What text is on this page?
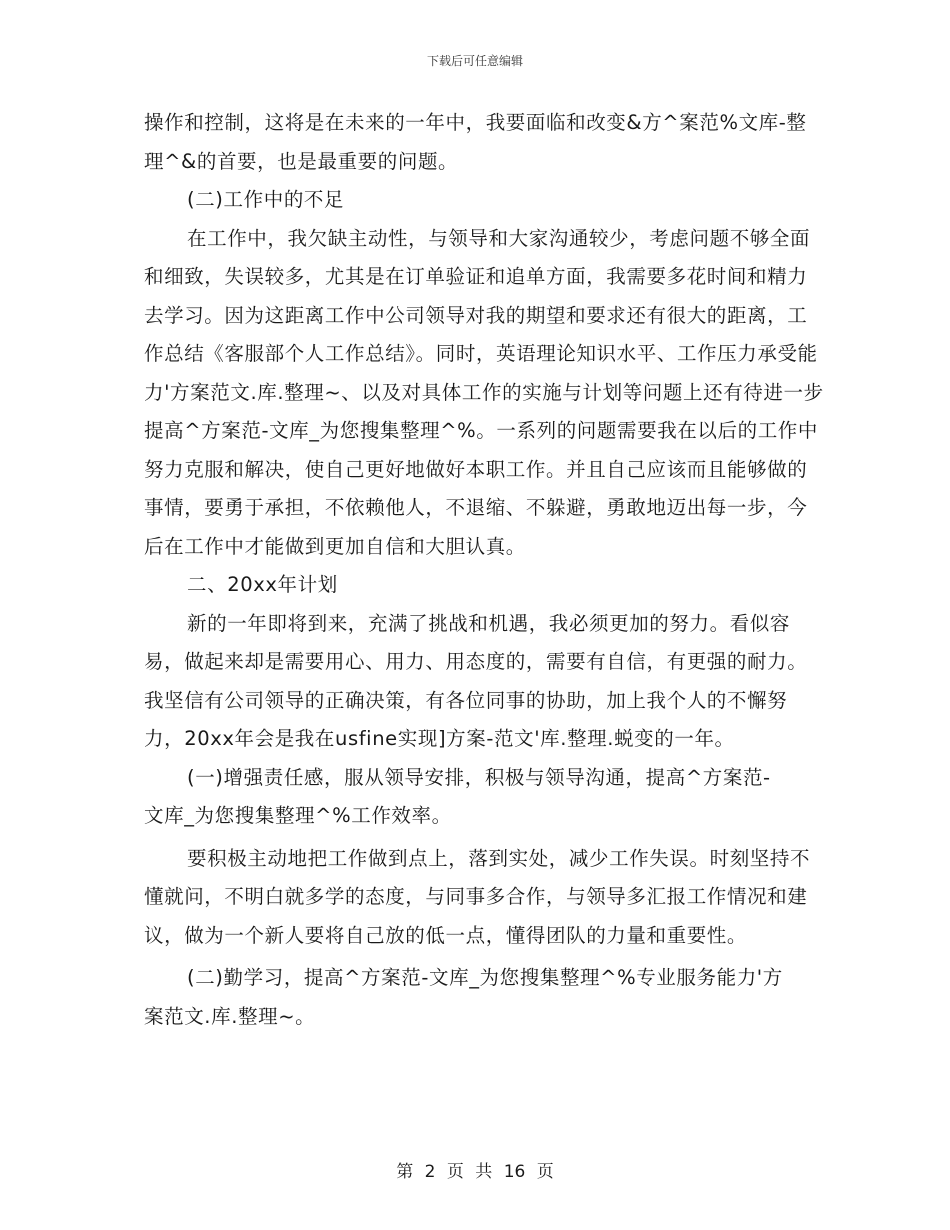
下载后可任意编辑

操作和控制，这将是在未来的一年中，我要面临和改变&方^案范%文库-整理^&的首要，也是最重要的问题。

(二)工作中的不足

在工作中，我欠缺主动性，与领导和大家沟通较少，考虑问题不够全面和细致，失误较多，尤其是在订单验证和追单方面，我需要多花时间和精力去学习。因为这距离工作中公司领导对我的期望和要求还有很大的距离，工作总结《客服部个人工作总结》。同时，英语理论知识水平、工作压力承受能力'方案范文.库.整理~、以及对具体工作的实施与计划等问题上还有待进一步提高^方案范-文库_为您搜集整理^%。一系列的问题需要我在以后的工作中努力克服和解决，使自己更好地做好本职工作。并且自己应该而且能够做的事情，要勇于承担，不依赖他人，不退缩、不躲避，勇敢地迈出每一步，今后在工作中才能做到更加自信和大胆认真。

二、20xx年计划

新的一年即将到来，充满了挑战和机遇，我必须更加的努力。看似容易，做起来却是需要用心、用力、用态度的，需要有自信，有更强的耐力。我坚信有公司领导的正确决策，有各位同事的协助，加上我个人的不懈努力，20xx年会是我在usfine实现]方案-范文'库.整理.蜕变的一年。

(一)增强责任感，服从领导安排，积极与领导沟通，提高^方案范-文库_为您搜集整理^%工作效率。

要积极主动地把工作做到点上，落到实处，减少工作失误。时刻坚持不懂就问，不明白就多学的态度，与同事多合作，与领导多汇报工作情况和建议，做为一个新人要将自己放的低一点，懂得团队的力量和重要性。

(二)勤学习，提高^方案范-文库_为您搜集整理^%专业服务能力'方案范文.库.整理~。

第 2 页 共 16 页
